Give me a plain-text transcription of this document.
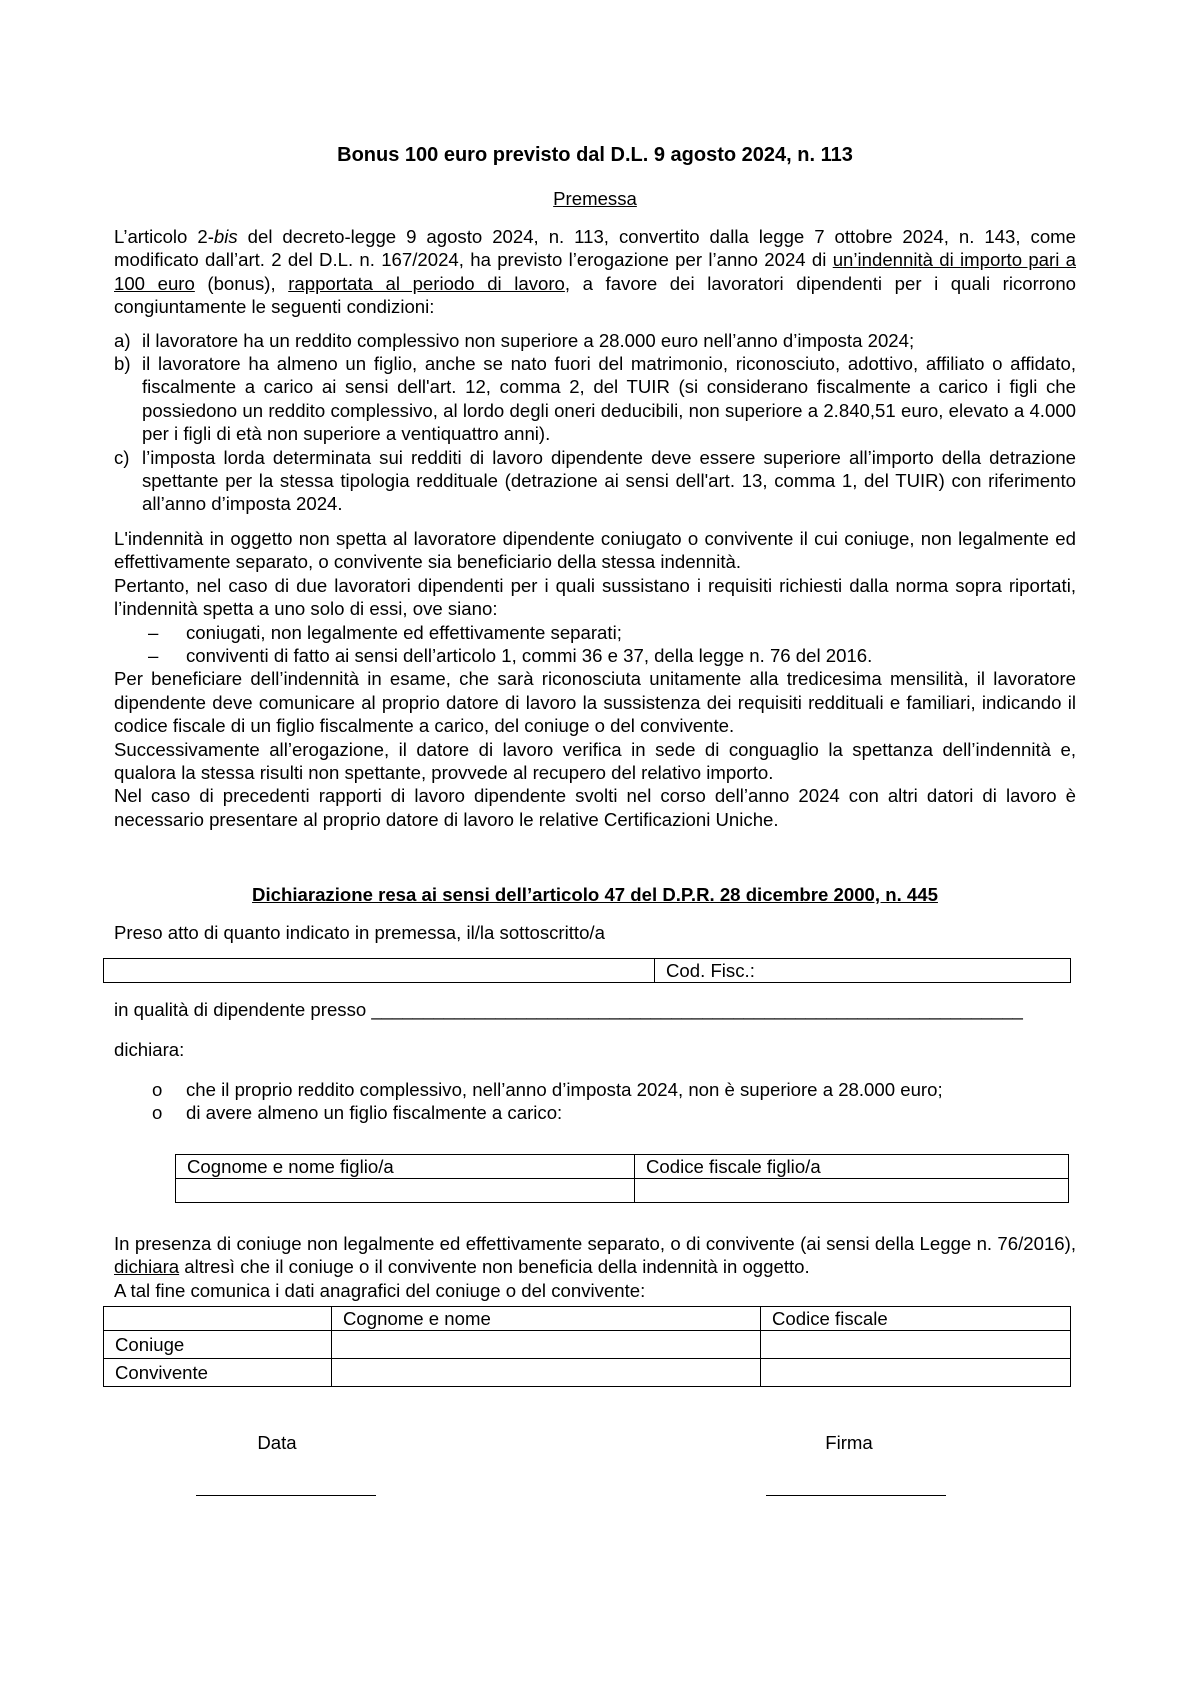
Bonus 100 euro previsto dal D.L. 9 agosto 2024, n. 113
Premessa

L’articolo 2-bis del decreto-legge 9 agosto 2024, n. 113, convertito dalla legge 7 ottobre 2024, n. 143, come modificato dall’art. 2 del D.L. n. 167/2024, ha previsto l’erogazione per l’anno 2024 di un’indennità di importo pari a 100 euro (bonus), rapportata al periodo di lavoro, a favore dei lavoratori dipendenti per i quali ricorrono congiuntamente le seguenti condizioni:

a) il lavoratore ha un reddito complessivo non superiore a 28.000 euro nell’anno d’imposta 2024;
b) il lavoratore ha almeno un figlio, anche se nato fuori del matrimonio, riconosciuto, adottivo, affiliato o affidato, fiscalmente a carico ai sensi dell'art. 12, comma 2, del TUIR (si considerano fiscalmente a carico i figli che possiedono un reddito complessivo, al lordo degli oneri deducibili, non superiore a 2.840,51 euro, elevato a 4.000 per i figli di età non superiore a ventiquattro anni).
c) l’imposta lorda determinata sui redditi di lavoro dipendente deve essere superiore all’importo della detrazione spettante per la stessa tipologia reddituale (detrazione ai sensi dell'art. 13, comma 1, del TUIR) con riferimento all’anno d’imposta 2024.

L'indennità in oggetto non spetta al lavoratore dipendente coniugato o convivente il cui coniuge, non legalmente ed effettivamente separato, o convivente sia beneficiario della stessa indennità.

Pertanto, nel caso di due lavoratori dipendenti per i quali sussistano i requisiti richiesti dalla norma sopra riportati, l’indennità spetta a uno solo di essi, ove siano:

– coniugati, non legalmente ed effettivamente separati;
– conviventi di fatto ai sensi dell’articolo 1, commi 36 e 37, della legge n. 76 del 2016.

Per beneficiare dell’indennità in esame, che sarà riconosciuta unitamente alla tredicesima mensilità, il lavoratore dipendente deve comunicare al proprio datore di lavoro la sussistenza dei requisiti reddituali e familiari, indicando il codice fiscale di un figlio fiscalmente a carico, del coniuge o del convivente.

Successivamente all’erogazione, il datore di lavoro verifica in sede di conguaglio la spettanza dell’indennità e, qualora la stessa risulti non spettante, provvede al recupero del relativo importo.

Nel caso di precedenti rapporti di lavoro dipendente svolti nel corso dell’anno 2024 con altri datori di lavoro è necessario presentare al proprio datore di lavoro le relative Certificazioni Uniche.

Dichiarazione resa ai sensi dell’articolo 47 del D.P.R. 28 dicembre 2000, n. 445
Preso atto di quanto indicato in premessa, il/la sottoscritto/a
	Cod. Fisc.:
in qualità di dipendente presso _______________________________________________________________
dichiara:
o che il proprio reddito complessivo, nell’anno d’imposta 2024, non è superiore a 28.000 euro;
o di avere almeno un figlio fiscalmente a carico:
Cognome e nome figlio/a	Codice fiscale figlio/a

In presenza di coniuge non legalmente ed effettivamente separato, o di convivente (ai sensi della Legge n. 76/2016), dichiara altresì che il coniuge o il convivente non beneficia della indennità in oggetto.

A tal fine comunica i dati anagrafici del coniuge o del convivente:

	Cognome e nome	Codice fiscale
Coniuge		
Convivente		
Data	Firma
